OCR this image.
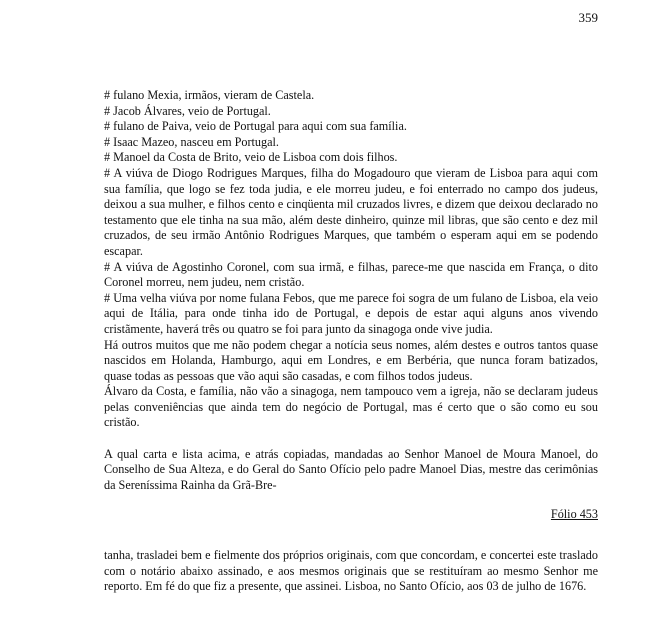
359

# fulano Mexia, irmãos, vieram de Castela.

# Jacob Álvares, veio de Portugal.

# fulano de Paiva, veio de Portugal para aqui com sua família.

# Isaac Mazeo, nasceu em Portugal.

# Manoel da Costa de Brito, veio de Lisboa com dois filhos.

# A viúva de Diogo Rodrigues Marques, filha do Mogadouro que vieram de Lisboa para aqui com sua família, que logo se fez toda judia, e ele morreu judeu, e foi enterrado no campo dos judeus, deixou a sua mulher, e filhos cento e cinqüenta mil cruzados livres, e dizem que deixou declarado no testamento que ele tinha na sua mão, além deste dinheiro, quinze mil libras, que são cento e dez mil cruzados, de seu irmão Antônio Rodrigues Marques, que também o esperam aqui em se podendo escapar.

# A viúva de Agostinho Coronel, com sua irmã, e filhas, parece-me que nascida em França, o dito Coronel morreu, nem judeu, nem cristão.

# Uma velha viúva por nome fulana Febos, que me parece foi sogra de um fulano de Lisboa, ela veio aqui de Itália, para onde tinha ido de Portugal, e depois de estar aqui alguns anos vivendo cristãmente, haverá três ou quatro se foi para junto da sinagoga onde vive judia.

Há outros muitos que me não podem chegar a notícia seus nomes, além destes e outros tantos quase nascidos em Holanda, Hamburgo, aqui em Londres, e em Berbéria, que nunca foram batizados, quase todas as pessoas que vão aqui são casadas, e com filhos todos judeus.

Álvaro da Costa, e família, não vão a sinagoga, nem tampouco vem a igreja, não se declaram judeus pelas conveniências que ainda tem do negócio de Portugal, mas é certo que o são como eu sou cristão.

A qual carta e lista acima, e atrás copiadas, mandadas ao Senhor Manoel de Moura Manoel, do Conselho de Sua Alteza, e do Geral do Santo Ofício pelo padre Manoel Dias, mestre das cerimônias da Sereníssima Rainha da Grã-Bre-

Fólio 453
tanha, trasladei bem e fielmente dos próprios originais, com que concordam, e concertei este traslado com o notário abaixo assinado, e aos mesmos originais que se restituíram ao mesmo Senhor me reporto. Em fé do que fiz a presente, que assinei. Lisboa, no Santo Ofício, aos 03 de julho de 1676.
